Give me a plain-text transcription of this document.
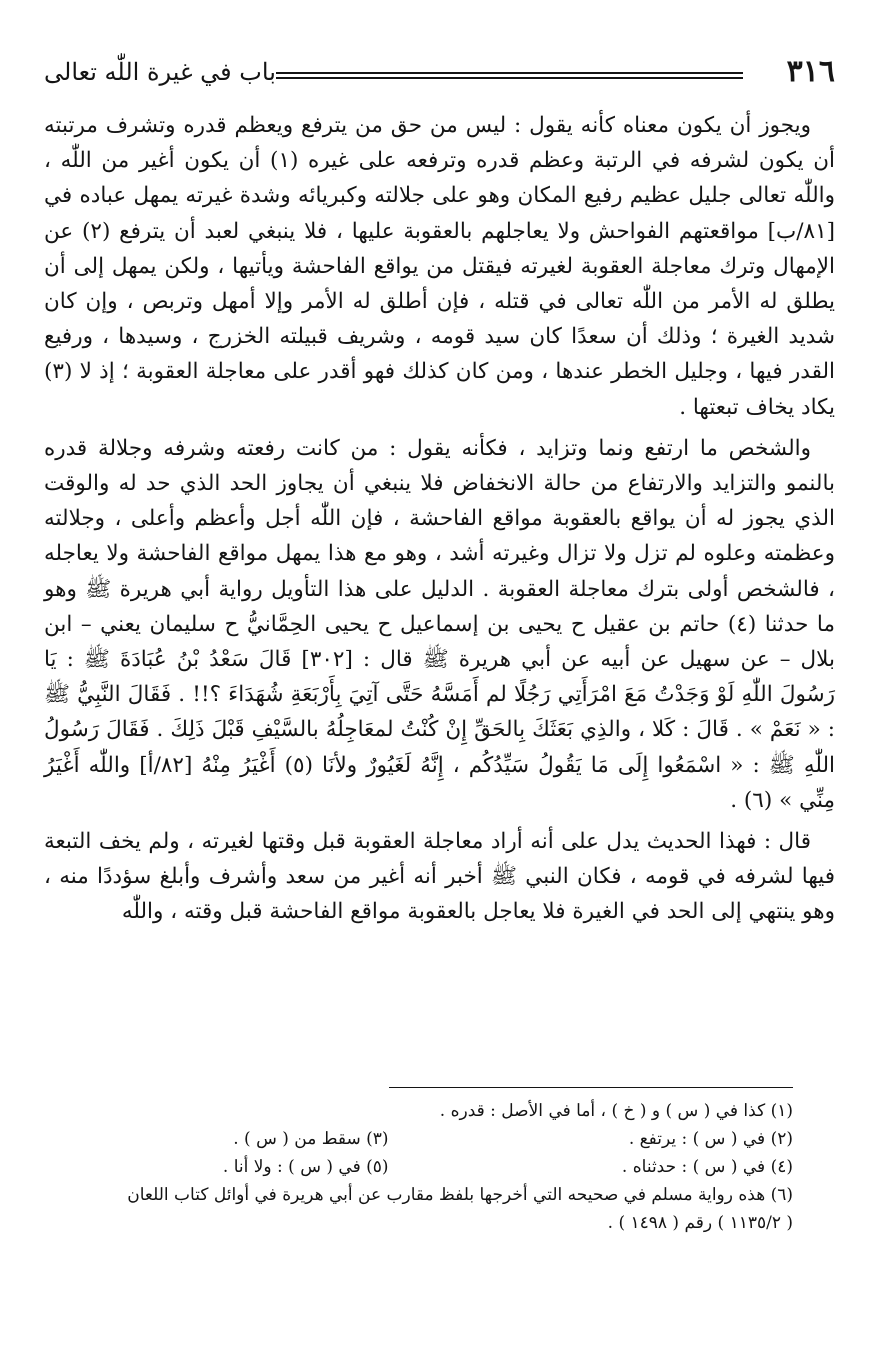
٣١٦
باب في غيرة اللّٰه تعالى

ويجوز أن يكون معناه كأنه يقول : ليس من حق من يترفع ويعظم قدره وتشرف مرتبته أن يكون لشرفه في الرتبة وعظم قدره وترفعه على غيره (١) أن يكون أغير من اللّٰه ، واللّٰه تعالى جليل عظيم رفيع المكان وهو على جلالته وكبريائه وشدة غيرته يمهل عباده في [٨١/ب] مواقعتهم الفواحش ولا يعاجلهم بالعقوبة عليها ، فلا ينبغي لعبد أن يترفع (٢) عن الإمهال وترك معاجلة العقوبة لغيرته فيقتل من يواقع الفاحشة ويأتيها ، ولكن يمهل إلى أن يطلق له الأمر من اللّٰه تعالى في قتله ، فإن أطلق له الأمر وإلا أمهل وتربص ، وإن كان شديد الغيرة ؛ وذلك أن سعدًا كان سيد قومه ، وشريف قبيلته الخزرج ، وسيدها ، ورفيع القدر فيها ، وجليل الخطر عندها ، ومن كان كذلك فهو أقدر على معاجلة العقوبة ؛ إذ لا (٣) يكاد يخاف تبعتها .

والشخص ما ارتفع ونما وتزايد ، فكأنه يقول : من كانت رفعته وشرفه وجلالة قدره بالنمو والتزايد والارتفاع من حالة الانخفاض فلا ينبغي أن يجاوز الحد الذي حد له والوقت الذي يجوز له أن يواقع بالعقوبة مواقع الفاحشة ، فإن اللّٰه أجل وأعظم وأعلى ، وجلالته وعظمته وعلوه لم تزل ولا تزال وغيرته أشد ، وهو مع هذا يمهل مواقع الفاحشة ولا يعاجله ، فالشخص أولى بترك معاجلة العقوبة . الدليل على هذا التأويل رواية أبي هريرة ﷺ وهو ما حدثنا (٤) حاتم بن عقيل ح يحيى بن إسماعيل ح يحيى الحِمَّانيُّ ح سليمان يعني – ابن بلال – عن سهيل عن أبيه عن أبي هريرة ﷺ قال : [٣٠٢] قَالَ سَعْدُ بْنُ عُبَادَةَ ﷺ : يَا رَسُولَ اللّٰهِ لَوْ وَجَدْتُ مَعَ امْرَأَتِي رَجُلًا لم أَمَسَّهُ حَتَّى آتِيَ بِأَرْبَعَةِ شُهَدَاءَ ؟!! . فَقَالَ النَّبِيُّ ﷺ : « نَعَمْ » . قَالَ : كَلا ، والذِي بَعَثَكَ بِالحَقِّ إِنْ كُنْتُ لمعَاجِلُهُ بالسَّيْفِ قَبْلَ ذَلِكَ . فَقَالَ رَسُولُ اللّٰهِ ﷺ : « اسْمَعُوا إِلَى مَا يَقُولُ سَيِّدُكُم ، إِنَّهُ لَغَيُورٌ ولأنَا (٥) أَغْيَرُ مِنْهُ [٨٢/أ] واللّٰه أَغْيَرُ مِنِّي » (٦) .

قال : فهذا الحديث يدل على أنه أراد معاجلة العقوبة قبل وقتها لغيرته ، ولم يخف التبعة فيها لشرفه في قومه ، فكان النبي ﷺ أخبر أنه أغير من سعد وأشرف وأبلغ سؤددًا منه ، وهو ينتهي إلى الحد في الغيرة فلا يعاجل بالعقوبة مواقع الفاحشة قبل وقته ، واللّٰه

(١) كذا في ( س ) و ( خ ) ، أما في الأصل : قدره .
(٢) في ( س ) : يرتفع .
(٣) سقط من ( س ) .
(٤) في ( س ) : حدثناه .
(٥) في ( س ) : ولا أنا .
(٦) هذه رواية مسلم في صحيحه التي أخرجها بلفظ مقارب عن أبي هريرة في أوائل كتاب اللعان
( ١١٣٥/٢ ) رقم ( ١٤٩٨ ) .
